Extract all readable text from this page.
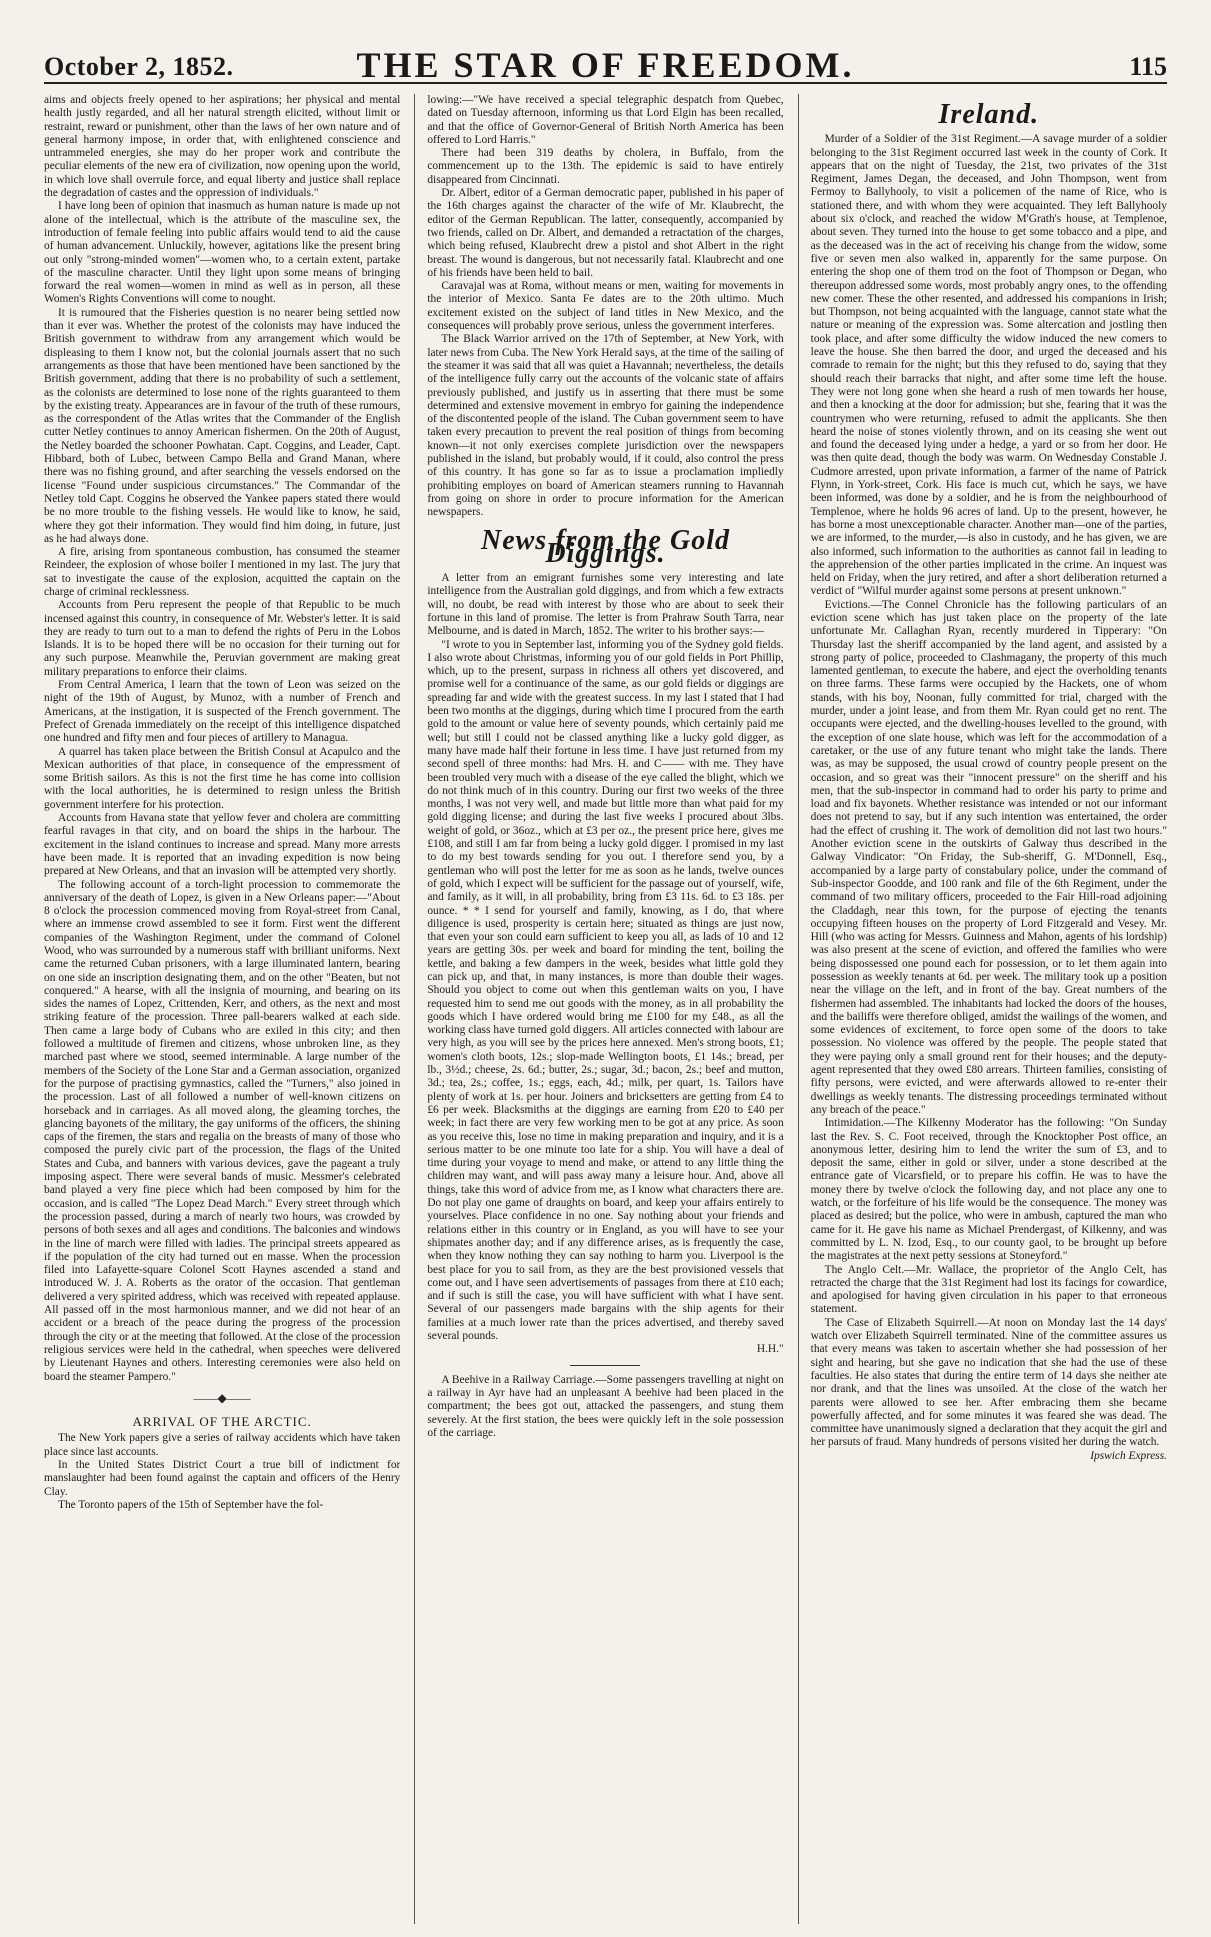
October 2, 1852.	THE STAR OF FREEDOM.	115

aims and objects freely opened to her aspirations; her physical and mental health justly regarded, and all her natural strength elicited, without limit or restraint, reward or punishment, other than the laws of her own nature and of general harmony impose, in order that, with enlightened conscience and untrammeled energies, she may do her proper work and contribute the peculiar elements of the new era of civilization, now opening upon the world, in which love shall overrule force, and equal liberty and justice shall replace the degradation of castes and the oppression of individuals."

I have long been of opinion that inasmuch as human nature is made up not alone of the intellectual, which is the attribute of the masculine sex, the introduction of female feeling into public affairs would tend to aid the cause of human advancement. Unluckily, however, agitations like the present bring out only "strong-minded women"—women who, to a certain extent, partake of the masculine character. Until they light upon some means of bringing forward the real women—women in mind as well as in person, all these Women's Rights Conventions will come to nought.

It is rumoured that the Fisheries question is no nearer being settled now than it ever was. Whether the protest of the colonists may have induced the British government to withdraw from any arrangement which would be displeasing to them I know not, but the colonial journals assert that no such arrangements as those that have been mentioned have been sanctioned by the British government, adding that there is no probability of such a settlement, as the colonists are determined to lose none of the rights guaranteed to them by the existing treaty. Appearances are in favour of the truth of these rumours, as the correspondent of the Atlas writes that the Commander of the English cutter Netley continues to annoy American fishermen. On the 20th of August, the Netley boarded the schooner Powhatan. Capt. Coggins, and Leader, Capt. Hibbard, both of Lubec, between Campo Bella and Grand Manan, where there was no fishing ground, and after searching the vessels endorsed on the license "Found under suspicious circumstances." The Commandar of the Netley told Capt. Coggins he observed the Yankee papers stated there would be no more trouble to the fishing vessels. He would like to know, he said, where they got their information. They would find him doing, in future, just as he had always done.

A fire, arising from spontaneous combustion, has consumed the steamer Reindeer, the explosion of whose boiler I mentioned in my last. The jury that sat to investigate the cause of the explosion, acquitted the captain on the charge of criminal recklessness.

Accounts from Peru represent the people of that Republic to be much incensed against this country, in consequence of Mr. Webster's letter. It is said they are ready to turn out to a man to defend the rights of Peru in the Lobos Islands. It is to be hoped there will be no occasion for their turning out for any such purpose. Meanwhile the, Peruvian government are making great military preparations to enforce their claims.

From Central America, I learn that the town of Leon was seized on the night of the 19th of August, by Munoz, with a number of French and Americans, at the instigation, it is suspected of the French government. The Prefect of Grenada immediately on the receipt of this intelligence dispatched one hundred and fifty men and four pieces of artillery to Managua.

A quarrel has taken place between the British Consul at Acapulco and the Mexican authorities of that place, in consequence of the empressment of some British sailors. As this is not the first time he has come into collision with the local authorities, he is determined to resign unless the British government interfere for his protection.

Accounts from Havana state that yellow fever and cholera are committing fearful ravages in that city, and on board the ships in the harbour. The excitement in the island continues to increase and spread. Many more arrests have been made. It is reported that an invading expedition is now being prepared at New Orleans, and that an invasion will be attempted very shortly.

The following account of a torch-light procession to commemorate the anniversary of the death of Lopez, is given in a New Orleans paper:—"About 8 o'clock the procession commenced moving from Royal-street from Canal, where an immense crowd assembled to see it form. First went the different companies of the Washington Regiment, under the command of Colonel Wood, who was surrounded by a numerous staff with brilliant uniforms. Next came the returned Cuban prisoners, with a large illuminated lantern, bearing on one side an inscription designating them, and on the other "Beaten, but not conquered." A hearse, with all the insignia of mourning, and bearing on its sides the names of Lopez, Crittenden, Kerr, and others, as the next and most striking feature of the procession. Three pall-bearers walked at each side. Then came a large body of Cubans who are exiled in this city; and then followed a multitude of firemen and citizens, whose unbroken line, as they marched past where we stood, seemed interminable. A large number of the members of the Society of the Lone Star and a German association, organized for the purpose of practising gymnastics, called the "Turners," also joined in the procession. Last of all followed a number of well-known citizens on horseback and in carriages. As all moved along, the gleaming torches, the glancing bayonets of the military, the gay uniforms of the officers, the shining caps of the firemen, the stars and regalia on the breasts of many of those who composed the purely civic part of the procession, the flags of the United States and Cuba, and banners with various devices, gave the pageant a truly imposing aspect. There were several bands of music. Messmer's celebrated band played a very fine piece which had been composed by him for the occasion, and is called "The Lopez Dead March." Every street through which the procession passed, during a march of nearly two hours, was crowded by persons of both sexes and all ages and conditions. The balconies and windows in the line of march were filled with ladies. The principal streets appeared as if the population of the city had turned out en masse. When the procession filed into Lafayette-square Colonel Scott Haynes ascended a stand and introduced W. J. A. Roberts as the orator of the occasion. That gentleman delivered a very spirited address, which was received with repeated applause. All passed off in the most harmonious manner, and we did not hear of an accident or a breach of the peace during the progress of the procession through the city or at the meeting that followed. At the close of the procession religious services were held in the cathedral, when speeches were delivered by Lieutenant Haynes and others. Interesting ceremonies were also held on board the steamer Pampero."

——◆——
ARRIVAL OF THE ARCTIC.

The New York papers give a series of railway accidents which have taken place since last accounts.

In the United States District Court a true bill of indictment for manslaughter had been found against the captain and officers of the Henry Clay.

The Toronto papers of the 15th of September have the fol-

lowing:—"We have received a special telegraphic despatch from Quebec, dated on Tuesday afternoon, informing us that Lord Elgin has been recalled, and that the office of Governor-General of British North America has been offered to Lord Harris."

There had been 319 deaths by cholera, in Buffalo, from the commencement up to the 13th. The epidemic is said to have entirely disappeared from Cincinnati.

Dr. Albert, editor of a German democratic paper, published in his paper of the 16th charges against the character of the wife of Mr. Klaubrecht, the editor of the German Republican. The latter, consequently, accompanied by two friends, called on Dr. Albert, and demanded a retractation of the charges, which being refused, Klaubrecht drew a pistol and shot Albert in the right breast. The wound is dangerous, but not necessarily fatal. Klaubrecht and one of his friends have been held to bail.

Caravajal was at Roma, without means or men, waiting for movements in the interior of Mexico. Santa Fe dates are to the 20th ultimo. Much excitement existed on the subject of land titles in New Mexico, and the consequences will probably prove serious, unless the government interferes.

The Black Warrior arrived on the 17th of September, at New York, with later news from Cuba. The New York Herald says, at the time of the sailing of the steamer it was said that all was quiet a Havannah; nevertheless, the details of the intelligence fully carry out the accounts of the volcanic state of affairs previously published, and justify us in asserting that there must be some determined and extensive movement in embryo for gaining the independence of the discontented people of the island. The Cuban government seem to have taken every precaution to prevent the real position of things from becoming known—it not only exercises complete jurisdiction over the newspapers published in the island, but probably would, if it could, also control the press of this country. It has gone so far as to issue a proclamation impliedly prohibiting employes on board of American steamers running to Havannah from going on shore in order to procure information for the American newspapers.

News from the Gold Diggings.

A letter from an emigrant furnishes some very interesting and late intelligence from the Australian gold diggings, and from which a few extracts will, no doubt, be read with interest by those who are about to seek their fortune in this land of promise. The letter is from Prahraw South Tarra, near Melbourne, and is dated in March, 1852. The writer to his brother says:—

"I wrote to you in September last, informing you of the Sydney gold fields. I also wrote about Christmas, informing you of our gold fields in Port Phillip, which, up to the present, surpass in richness all others yet discovered, and promise well for a continuance of the same, as our gold fields or diggings are spreading far and wide with the greatest success. In my last I stated that I had been two months at the diggings, during which time I procured from the earth gold to the amount or value here of seventy pounds, which certainly paid me well; but still I could not be classed anything like a lucky gold digger, as many have made half their fortune in less time. I have just returned from my second spell of three months: had Mrs. H. and C—— with me. They have been troubled very much with a disease of the eye called the blight, which we do not think much of in this country. During our first two weeks of the three months, I was not very well, and made but little more than what paid for my gold digging license; and during the last five weeks I procured about 3lbs. weight of gold, or 36oz., which at £3 per oz., the present price here, gives me £108, and still I am far from being a lucky gold digger. I promised in my last to do my best towards sending for you out. I therefore send you, by a gentleman who will post the letter for me as soon as he lands, twelve ounces of gold, which I expect will be sufficient for the passage out of yourself, wife, and family, as it will, in all probability, bring from £3 11s. 6d. to £3 18s. per ounce. * * I send for yourself and family, knowing, as I do, that where diligence is used, prosperity is certain here; situated as things are just now, that even your son could earn sufficient to keep you all, as lads of 10 and 12 years are getting 30s. per week and board for minding the tent, boiling the kettle, and baking a few dampers in the week, besides what little gold they can pick up, and that, in many instances, is more than double their wages. Should you object to come out when this gentleman waits on you, I have requested him to send me out goods with the money, as in all probability the goods which I have ordered would bring me £100 for my £48., as all the working class have turned gold diggers. All articles connected with labour are very high, as you will see by the prices here annexed. Men's strong boots, £1; women's cloth boots, 12s.; slop-made Wellington boots, £1 14s.; bread, per lb., 3½d.; cheese, 2s. 6d.; butter, 2s.; sugar, 3d.; bacon, 2s.; beef and mutton, 3d.; tea, 2s.; coffee, 1s.; eggs, each, 4d.; milk, per quart, 1s. Tailors have plenty of work at 1s. per hour. Joiners and bricksetters are getting from £4 to £6 per week. Blacksmiths at the diggings are earning from £20 to £40 per week; in fact there are very few working men to be got at any price. As soon as you receive this, lose no time in making preparation and inquiry, and it is a serious matter to be one minute too late for a ship. You will have a deal of time during your voyage to mend and make, or attend to any little thing the children may want, and will pass away many a leisure hour. And, above all things, take this word of advice from me, as I know what characters there are. Do not play one game of draughts on board, and keep your affairs entirely to yourselves. Place confidence in no one. Say nothing about your friends and relations either in this country or in England, as you will have to see your shipmates another day; and if any difference arises, as is frequently the case, when they know nothing they can say nothing to harm you. Liverpool is the best place for you to sail from, as they are the best provisioned vessels that come out, and I have seen advertisements of passages from there at £10 each; and if such is still the case, you will have sufficient with what I have sent. Several of our passengers made bargains with the ship agents for their families at a much lower rate than the prices advertised, and thereby saved several pounds.

H.H."

A Beehive in a Railway Carriage.—Some passengers travelling at night on a railway in Ayr have had an unpleasant A beehive had been placed in the compartment; the bees got out, attacked the passengers, and stung them severely. At the first station, the bees were quickly left in the sole possession of the carriage.

Ireland.

Murder of a Soldier of the 31st Regiment.—A savage murder of a soldier belonging to the 31st Regiment occurred last week in the county of Cork. It appears that on the night of Tuesday, the 21st, two privates of the 31st Regiment, James Degan, the deceased, and John Thompson, went from Fermoy to Ballyhooly, to visit a policemen of the name of Rice, who is stationed there, and with whom they were acquainted. They left Ballyhooly about six o'clock, and reached the widow M'Grath's house, at Templenoe, about seven. They turned into the house to get some tobacco and a pipe, and as the deceased was in the act of receiving his change from the widow, some five or seven men also walked in, apparently for the same purpose. On entering the shop one of them trod on the foot of Thompson or Degan, who thereupon addressed some words, most probably angry ones, to the offending new comer. These the other resented, and addressed his companions in Irish; but Thompson, not being acquainted with the language, cannot state what the nature or meaning of the expression was. Some altercation and jostling then took place, and after some difficulty the widow induced the new comers to leave the house. She then barred the door, and urged the deceased and his comrade to remain for the night; but this they refused to do, saying that they should reach their barracks that night, and after some time left the house. They were not long gone when she heard a rush of men towards her house, and then a knocking at the door for admission; but she, fearing that it was the countrymen who were returning, refused to admit the applicants. She then heard the noise of stones violently thrown, and on its ceasing she went out and found the deceased lying under a hedge, a yard or so from her door. He was then quite dead, though the body was warm. On Wednesday Constable J. Cudmore arrested, upon private information, a farmer of the name of Patrick Flynn, in York-street, Cork. His face is much cut, which he says, we have been informed, was done by a soldier, and he is from the neighbourhood of Templenoe, where he holds 96 acres of land. Up to the present, however, he has borne a most unexceptionable character. Another man—one of the parties, we are informed, to the murder,—is also in custody, and he has given, we are also informed, such information to the authorities as cannot fail in leading to the apprehension of the other parties implicated in the crime. An inquest was held on Friday, when the jury retired, and after a short deliberation returned a verdict of "Wilful murder against some persons at present unknown."

Evictions.—The Connel Chronicle has the following particulars of an eviction scene which has just taken place on the property of the late unfortunate Mr. Callaghan Ryan, recently murdered in Tipperary: "On Thursday last the sheriff accompanied by the land agent, and assisted by a strong party of police, proceeded to Clashmagany, the property of this much lamented gentleman, to execute the habere, and eject the overholding tenants on three farms. These farms were occupied by the Hackets, one of whom stands, with his boy, Noonan, fully committed for trial, charged with the murder, under a joint lease, and from them Mr. Ryan could get no rent. The occupants were ejected, and the dwelling-houses levelled to the ground, with the exception of one slate house, which was left for the accommodation of a caretaker, or the use of any future tenant who might take the lands. There was, as may be supposed, the usual crowd of country people present on the occasion, and so great was their "innocent pressure" on the sheriff and his men, that the sub-inspector in command had to order his party to prime and load and fix bayonets. Whether resistance was intended or not our informant does not pretend to say, but if any such intention was entertained, the order had the effect of crushing it. The work of demolition did not last two hours." Another eviction scene in the outskirts of Galway thus described in the Galway Vindicator: "On Friday, the Sub-sheriff, G. M'Donnell, Esq., accompanied by a large party of constabulary police, under the command of Sub-inspector Goodde, and 100 rank and file of the 6th Regiment, under the command of two military officers, proceeded to the Fair Hill-road adjoining the Claddagh, near this town, for the purpose of ejecting the tenants occupying fifteen houses on the property of Lord Fitzgerald and Vesey. Mr. Hill (who was acting for Messrs. Guinness and Mahon, agents of his lordship) was also present at the scene of eviction, and offered the families who were being dispossessed one pound each for possession, or to let them again into possession as weekly tenants at 6d. per week. The military took up a position near the village on the left, and in front of the bay. Great numbers of the fishermen had assembled. The inhabitants had locked the doors of the houses, and the bailiffs were therefore obliged, amidst the wailings of the women, and some evidences of excitement, to force open some of the doors to take possession. No violence was offered by the people. The people stated that they were paying only a small ground rent for their houses; and the deputy-agent represented that they owed £80 arrears. Thirteen families, consisting of fifty persons, were evicted, and were afterwards allowed to re-enter their dwellings as weekly tenants. The distressing proceedings terminated without any breach of the peace."

Intimidation.—The Kilkenny Moderator has the following: "On Sunday last the Rev. S. C. Foot received, through the Knocktopher Post office, an anonymous letter, desiring him to lend the writer the sum of £3, and to deposit the same, either in gold or silver, under a stone described at the entrance gate of Vicarsfield, or to prepare his coffin. He was to have the money there by twelve o'clock the following day, and not place any one to watch, or the forfeiture of his life would be the consequence. The money was placed as desired; but the police, who were in ambush, captured the man who came for it. He gave his name as Michael Prendergast, of Kilkenny, and was committed by L. N. Izod, Esq., to our county gaol, to be brought up before the magistrates at the next petty sessions at Stoneyford."

The Anglo Celt.—Mr. Wallace, the proprietor of the Anglo Celt, has retracted the charge that the 31st Regiment had lost its facings for cowardice, and apologised for having given circulation in his paper to that erroneous statement.

The Case of Elizabeth Squirrell.—At noon on Monday last the 14 days' watch over Elizabeth Squirrell terminated. Nine of the committee assures us that every means was taken to ascertain whether she had possession of her sight and hearing, but she gave no indication that she had the use of these faculties. He also states that during the entire term of 14 days she neither ate nor drank, and that the lines was unsoiled. At the close of the watch her parents were allowed to see her. After embracing them she became powerfully affected, and for some minutes it was feared she was dead. The committee have unanimously signed a declaration that they acquit the girl and her parsuts of fraud. Many hundreds of persons visited her during the watch.

Ipswich Express.
